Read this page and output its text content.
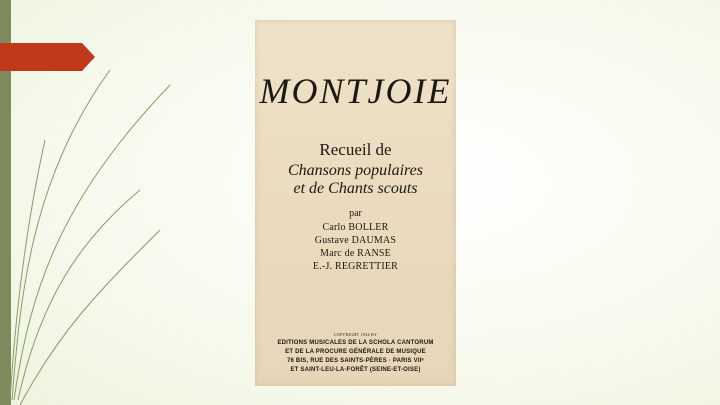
MONTJOIE
Recueil de
Chansons populaires
et de Chants scouts
par
Carlo BOLLER
Gustave DAUMAS
Marc de RANSE
E.-J. REGRETTIER
COPYRIGHT 1934 BY
EDITIONS MUSICALES DE LA SCHOLA CANTORUM
ET DE LA PROCURE GÉNÉRALE DE MUSIQUE
76 BIS, RUE DES SAINTS-PÈRES · PARIS VIIᵉ
ET SAINT-LEU-LA-FORÊT (SEINE-ET-OISE)
